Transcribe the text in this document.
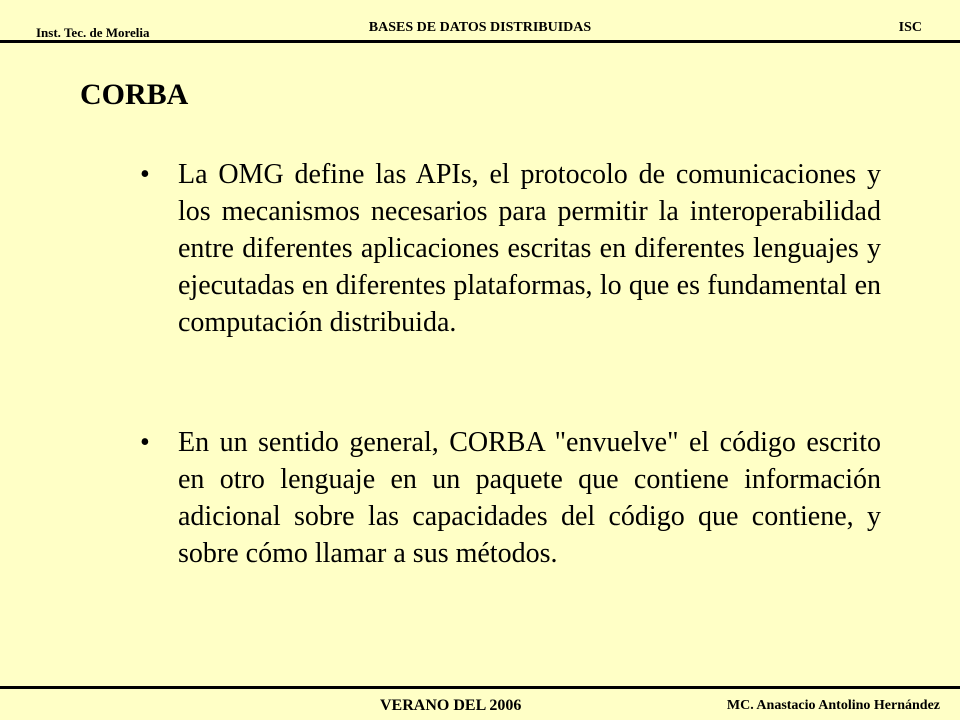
Inst. Tec. de Morelia	BASES DE DATOS DISTRIBUIDAS	ISC
CORBA
• La OMG define las APIs, el protocolo de comunicaciones y los mecanismos necesarios para permitir la interoperabilidad entre diferentes aplicaciones escritas en diferentes lenguajes y ejecutadas en diferentes plataformas, lo que es fundamental en computación distribuida.
• En un sentido general, CORBA "envuelve" el código escrito en otro lenguaje en un paquete que contiene información adicional sobre las capacidades del código que contiene, y sobre cómo llamar a sus métodos.
VERANO DEL 2006	MC. Anastacio Antolino Hernández
